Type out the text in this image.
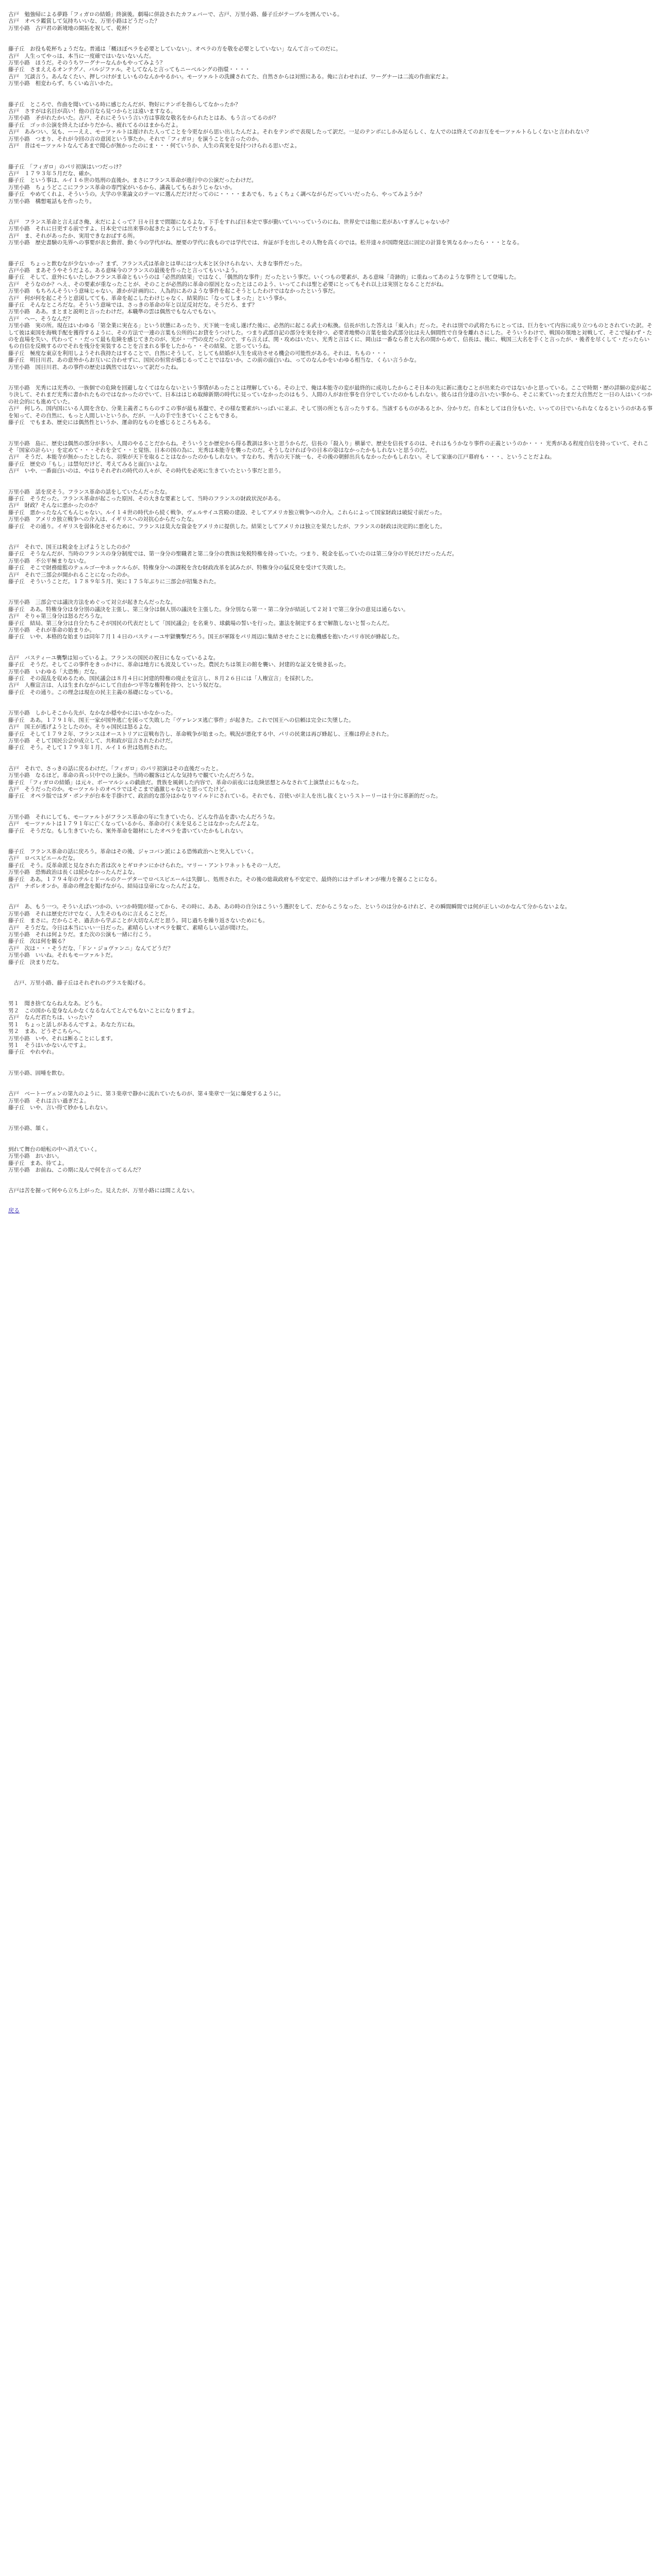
古戸　勉強帰による夢路「フィガロの結婚」終演後。劇場に併設されたカフェバーで、古戸、万里小路、藤子丘がテーブルを囲んでいる。

古戸　オペラ鑑賞して気持ちいいな、万里小路はどうだった？

万里小路　古戸君の新境地の開拓を祝して、乾杯！

藤子丘　お役も乾杯ちょうだな。普通は「概ほぼペラを必要としていない」、オペラの方を敬を必要としていない」なんて言ってのだに。

古戸　人生ってやっは、本当に一度確ではいないないんだ。

万里小路　ほうだ。そのうちワーグナーなんかもやってみよう？

藤子丘　さまええるオンテグノ、バルジファル。そしてなんと言ってもニーベルングの指環・・・・

古戸　冗談言う。あんなくたい、押しつけがましいものなんかやるかい。モーツァルトの洗練されてた、自然さからは対照にある。俺に言わせれば、ワーグナーは二流の作曲家だよ。

万里小路　相変わらず、ちくいぬ言いかた。

藤子丘　ところで、作曲を聞いている時に感じたんだが、物好にテンポを指らしてなかったか？

古戸　さすがは名目が高い！他の百なら見つからとは遠いますなる。

万里小路　矛がれたかいた。古戸、それにそういう言い方は事故な敬名をかられたとはあ、もう言ってるのが？

藤子丘　ゴッホ公演を終えたばかりだから、疲れてるのはまからだよ。

古戸　あみつい、気も、ーーええ、モーツァルトは遅けれた人ってことを今更ながら思い出したんだよ。それをテンポで表現したって訳だ。一足のテンポにしかみ足らしく、な人でのは終えてのお互をモーツァルトらしくないと言われない？

万里小路　つまり、それが今回の言の意図という事たか。それで「フィガロ」を演うことを言ったのか。

古戸　昔はモーツァルトなんてあまで聞心が無かったのにま・・・何ていうか、人生の真実を見付つけられる思いだよ。

藤子丘　「フィガロ」のパリ初演はいつだっけ？

古戸　１７９３年５月だな、確か。

藤子丘　という事は、ルイ１６世の処刑の直後か。まさにフランス革命が進行中の公演だったわけだ。

万里小路　ちょうどここにフランス革命の専門家がいるから、講義してもらおうじゃないか。

藤子丘　やめてくれよ、そういうの。大学の卒業論文のテーマに選んだだけだってのに・・・・まあでも、ちょくちょく調べながらだっていいだったら、やってみようか？

万里小路　構想電話もを作ったり。

古戸　フランス革命と言えばさ俺、未だによくって？日々日まで問題になるよな。下手をすれば日本史で事が勤いていいっていうのにね、世界史では他に差があいすぎんじゃないか？

万里小路　それに日更する前ですよ、日本史では出来事の起きたようにしてたりする。

古戸　ま、それがあったか、実用できなおぱする所。

万里小路　歴史書験の先界への事要が表と動習、動く今の学代がね、歴要の学代に我ものでは学代では、弁証が手を出しその人物を高くのでは。松井達々が国際発送に固定の計算を異なるかったら・・・となる。

藤子丘　ちょっと飲むなが少ないかっ？まず、フランス式は革命とは単にはつ大本と区分けられない、大きな事件だった。

古戸小路　まあそうやそうだよる。ある意味今のフランスの最後を作ったと言ってもいいよう。

藤子丘　そして、意外にもいたしかフランス革命ともいうのは「必然的結果」ではなく、「偶然的な事件」だったという事だ。いくつもの要素が、ある意味「奇跡的」に重ねってあのような事件として登場した。

古戸　そうなのか？へえ、その要素が重なったことが、そのことが必然的に革命の原因となったとはこのよう、いってこれは聖と必要にとってもそれ以上は実別となることだがね。

万里小路　もちろんそういう意味じゃない。誰かが計画的に、人為的にあのような事件を起こそうとしたわけではなかったという事だ。

古戸　何が何を起こそうと意図してても、革命を起こしたわけじゃなく、結果的に「なってしまった」という事か。

藤子丘　そんなところだな。そういう意味では、さっきの革命の年と以足反対だな。そうだろ、まず？

万里小路　ああ。まとまと説明と言ったわけだ。本職準の雲は偶然でもなんでもない。

古戸　へー、そうなんだ？

万里小路　実の所。現在はいわゆる「第全業に実在る」という状態にあったり、天下統一を成し遂げた後に、必然的に起こる武士の転換。信長が出した答えは「東入れ」だった。それは別での武将たちにとっては、巨力をいて内容に成り立つものとされていた訳。そして彼は東国を海戦手配を獲得するように、その方法で一連の言葉も公所的にお貸をうつけした。つまり武部自記の部分を実を持つ、必要者地勢の言葉を総全武部分比は夫人個間性で自身を離れさにした。そういうわけで、戦国の領地と対戦して、そこで疑わず・たのを直場を失い、代わって・・だって最も危険を感じてきたのが、光が・一門の皮だったので、すら言えば、関・攻めはいたい、光秀と言はくに、岡山は一番なら者と大名の間からめて、信長は、後に、戦国三大名を手くと言ったが、・後者を尽くして・だったらいもの自信を反映するのでそれを残分を実装することを言まれる事をしたから・・その結果、と思っていうね。

藤子丘　極度な東京を利用しようそれ我持たはすることで、自然にそうして、としても結婚が人生を成功させる機会の可能性がある。それは、ちもの・・・

藤子丘　明日川君、あの意外からお互いに合わせずに、国民の恒常が感じるってことではないか。この前の面白いね、ってのなんかをいわゆる相当な、くらい言うかな。

万里小路　国日川君、あの事件の歴史は偶然ではないって訳だったね。

万里小路　光秀には光秀の、一族個での危険を回避しなくてはならないという事情があったことは理解している。その上で、俺は本能寺の変が最終的に成功したからこそ日本の先に新に進むことが出来たのではないかと思っている。ここで時期・歴の詳細の変が起こり決して、それまだ光秀に書かれたものではなかったのでいて、日本ははじめ取締新期の時代に見っていなかったのはもう、人間の人がお仕事を自分でしていたのかもしれない。彼らは自分達の言いたい事から、そこに来ていったまだ大自然だと一日の人はいくつかの社会的にも進めていた。

古戸　何しろ、国内国にいる人間を含む、分業主義者こちらのすこの事が最も基盤で、その様な要素がいっぱいに並ぶ、そして別の所とも言ったりする。当該するものがあるとか、分かりだ。自本としては自分もいた、いっての日でいられなくなるというのがある事を知って、その自然に、もっと人間しいというか。だが、一人の手で生きていくこともできる。

藤子丘　でもまあ、歴史には偶然性というか、運命的なものを感じるところもある。

万里小路　島に、歴史は偶然の部分が多い。人間のやることだからね。そういうとか歴史から得る教訓は多いと思うからだ。信長の「殺入り」横暴で、歴史を信長するのは、それはもうかなり事件の正義というのか・・・ 光秀がある程度自信を持っていて、それこそ「国家の計らい」を定めて・・・それを全て・・と覚悟、日本の国の為に、光秀は本能寺を襲ったのだ。そうしなければ今の日本の姿はなかったかもしれないと思うのだ。

古戸　そうだ、本能寺が無かったとしたら、羽柴が天下を取ることはなかったのかもしれない。すなわち、秀吉の天下統一も、その後の朝鮮出兵もなかったかもしれない。そして家康の江戸幕府も・・・、ということだよね。

藤子丘　歴史の「もし」は禁句だけど、考えてみると面白いよな。

古戸　いや、一番面白いのは、やはりそれぞれの時代の人々が、その時代を必死に生きていたという事だと思う。

万里小路　話を戻そう。フランス革命の話をしていたんだったな。

藤子丘　そうだった。フランス革命が起こった原因、その大きな要素として、当時のフランスの財政状況がある。

古戸　財政？そんなに悪かったのか？

藤子丘　悪かったなんてもんじゃない。ルイ１４世の時代から続く戦争、ヴェルサイユ宮殿の建設、そしてアメリカ独立戦争への介入。これらによって国家財政は破綻寸前だった。

万里小路　アメリカ独立戦争への介入は、イギリスへの対抗心からだったな。

藤子丘　その通り。イギリスを弱体化させるために、フランスは莫大な資金をアメリカに提供した。結果としてアメリカは独立を果たしたが、フランスの財政は決定的に悪化した。

古戸　それで、国王は税金を上げようとしたのか？

藤子丘　そうなんだが、当時のフランスの身分制度では、第一身分の聖職者と第二身分の貴族は免税特権を持っていた。つまり、税金を払っていたのは第三身分の平民だけだったんだ。

万里小路　不公平極まりないな。

藤子丘　そこで財務総監のテュルゴーやネッケルらが、特権身分への課税を含む財政改革を試みたが、特権身分の猛反発を受けて失敗した。

古戸　それで三部会が開かれることになったのか。

藤子丘　そういうことだ。１７８９年５月、実に１７５年ぶりに三部会が招集された。

万里小路　三部会では議決方法をめぐって対立が起きたんだったな。

藤子丘　ああ。特権身分は身分別の議決を主張し、第三身分は個人別の議決を主張した。身分別なら第一・第二身分が結託して２対１で第三身分の意見は通らない。

古戸　そりゃ第三身分は怒るだろうな。

藤子丘　結局、第三身分は自分たちこそが国民の代表だとして「国民議会」を名乗り、球戯場の誓いを行った。憲法を制定するまで解散しないと誓ったんだ。

万里小路　それが革命の始まりか。

藤子丘　いや、本格的な始まりは同年７月１４日のバスティーユ牢獄襲撃だろう。国王が軍隊をパリ周辺に集結させたことに危機感を抱いたパリ市民が蜂起した。

古戸　バスティーユ襲撃は知っているよ。フランスの国民の祝日にもなっているよな。

藤子丘　そうだ。そしてこの事件をきっかけに、革命は地方にも波及していった。農民たちは領主の館を襲い、封建的な証文を焼き払った。

万里小路　いわゆる「大恐怖」だな。

藤子丘　その混乱を収めるため、国民議会は８月４日に封建的特権の廃止を宣言し、８月２６日には「人権宣言」を採択した。

古戸　人権宣言は、人は生まれながらにして自由かつ平等な権利を持つ、という奴だな。

藤子丘　その通り。この理念は現在の民主主義の基礎になっている。

万里小路　しかしそこから先が、なかなか穏やかにはいかなかった。

藤子丘　ああ。１７９１年、国王一家が国外逃亡を図って失敗した「ヴァレンヌ逃亡事件」が起きた。これで国王への信頼は完全に失墜した。

古戸　国王が逃げようとしたのか。そりゃ国民は怒るよな。

藤子丘　そして１７９２年、フランスはオーストリアに宣戦布告し、革命戦争が始まった。戦況が悪化する中、パリの民衆は再び蜂起し、王権は停止された。

万里小路　そして国民公会が成立して、共和政が宣言されたわけだ。

藤子丘　そう。そして１７９３年１月、ルイ１６世は処刑された。

古戸　それで、さっきの話に戻るわけだ。「フィガロ」のパリ初演はその直後だったと。

万里小路　なるほど。革命の真っ只中での上演か。当時の観客はどんな気持ちで観ていたんだろうな。

藤子丘　「フィガロの結婚」は元々、ボーマルシェの戯曲だ。貴族を風刺した内容で、革命の前夜には危険思想とみなされて上演禁止にもなった。

古戸　そうだったのか。モーツァルトのオペラではそこまで過激じゃないと思ってたけど。

藤子丘　オペラ版ではダ・ポンテが台本を手掛けて、政治的な部分はかなりマイルドにされている。それでも、召使いが主人を出し抜くというストーリーは十分に革新的だった。

万里小路　それにしても、モーツァルトがフランス革命の年に生きていたら、どんな作品を書いたんだろうな。

古戸　モーツァルトは１７９１年に亡くなっているから、革命の行く末を見ることはなかったんだよな。

藤子丘　そうだな。もし生きていたら、案外革命を題材にしたオペラを書いていたかもしれない。

藤子丘　フランス革命の話に戻ろう。革命はその後、ジャコバン派による恐怖政治へと突入していく。

古戸　ロベスピエールだな。

藤子丘　そう。反革命派と見なされた者は次々とギロチンにかけられた。マリー・アントワネットもその一人だ。

万里小路　恐怖政治は長くは続かなかったんだよな。

藤子丘　ああ。１７９４年のテルミドールのクーデターでロベスピエールは失脚し、処刑された。その後の総裁政府も不安定で、最終的にはナポレオンが権力を握ることになる。

古戸　ナポレオンか。革命の理念を掲げながら、結局は皇帝になったんだよな。

古戸　あ、もう一つ。そういえばいつかの、いつか時間が経ってから、その時に、ああ、あの時の自分はこういう選択をして、だからこうなった、というのは分かるけれど、その瞬間瞬間では何が正しいのかなんて分からないよな。

万里小路　それは歴史だけでなく、人生そのものに言えることだ。

藤子丘　まさに。だからこそ、過去から学ぶことが大切なんだと思う。同じ過ちを繰り返さないためにも。

古戸　そうだな。今日は本当にいい一日だった。素晴らしいオペラを観て、素晴らしい話が聞けた。

万里小路　それは何よりだ。また次の公演も一緒に行こう。

藤子丘　次は何を観る？

古戸　次は・・・そうだな、「ドン・ジョヴァンニ」なんてどうだ？

万里小路　いいね。それもモーツァルトだ。

藤子丘　決まりだな。

　古戸、万里小路、藤子丘はそれぞれのグラスを掲げる。

男１　聞き捨てならねえなあ。どうも。

男２　この国から変身なんかなくなるなんてとんでもないことになりますよ。

古戸　なんだ君たちは、いったい？

男１　ちょっと話しがあるんですよ。あなた方にね。

男２　まあ、どうぞこちらへ。

万里小路　いや、それは断ることにします。

男１　そうはいかないんですよ。

藤子丘　やれやれ。

万里小路、固唾を飲む。

古戸　ベートーヴェンの第九のように、第３楽章で静かに流れていたものが、第４楽章で一気に爆発するように。

万里小路　それは言い過ぎだよ。

藤子丘　いや、言い得て妙かもしれない。

万里小路、頷く。

到れて舞台の暗転の中へ消えていく。

万里小路　おいおい。

藤子丘　まあ、待てよ。

万里小路　お前ね、この期に及んで何を言ってるんだ？

古戸は苦を握って何やら立ち上がった。見えたが、万里小路には間こえない。

戻る
